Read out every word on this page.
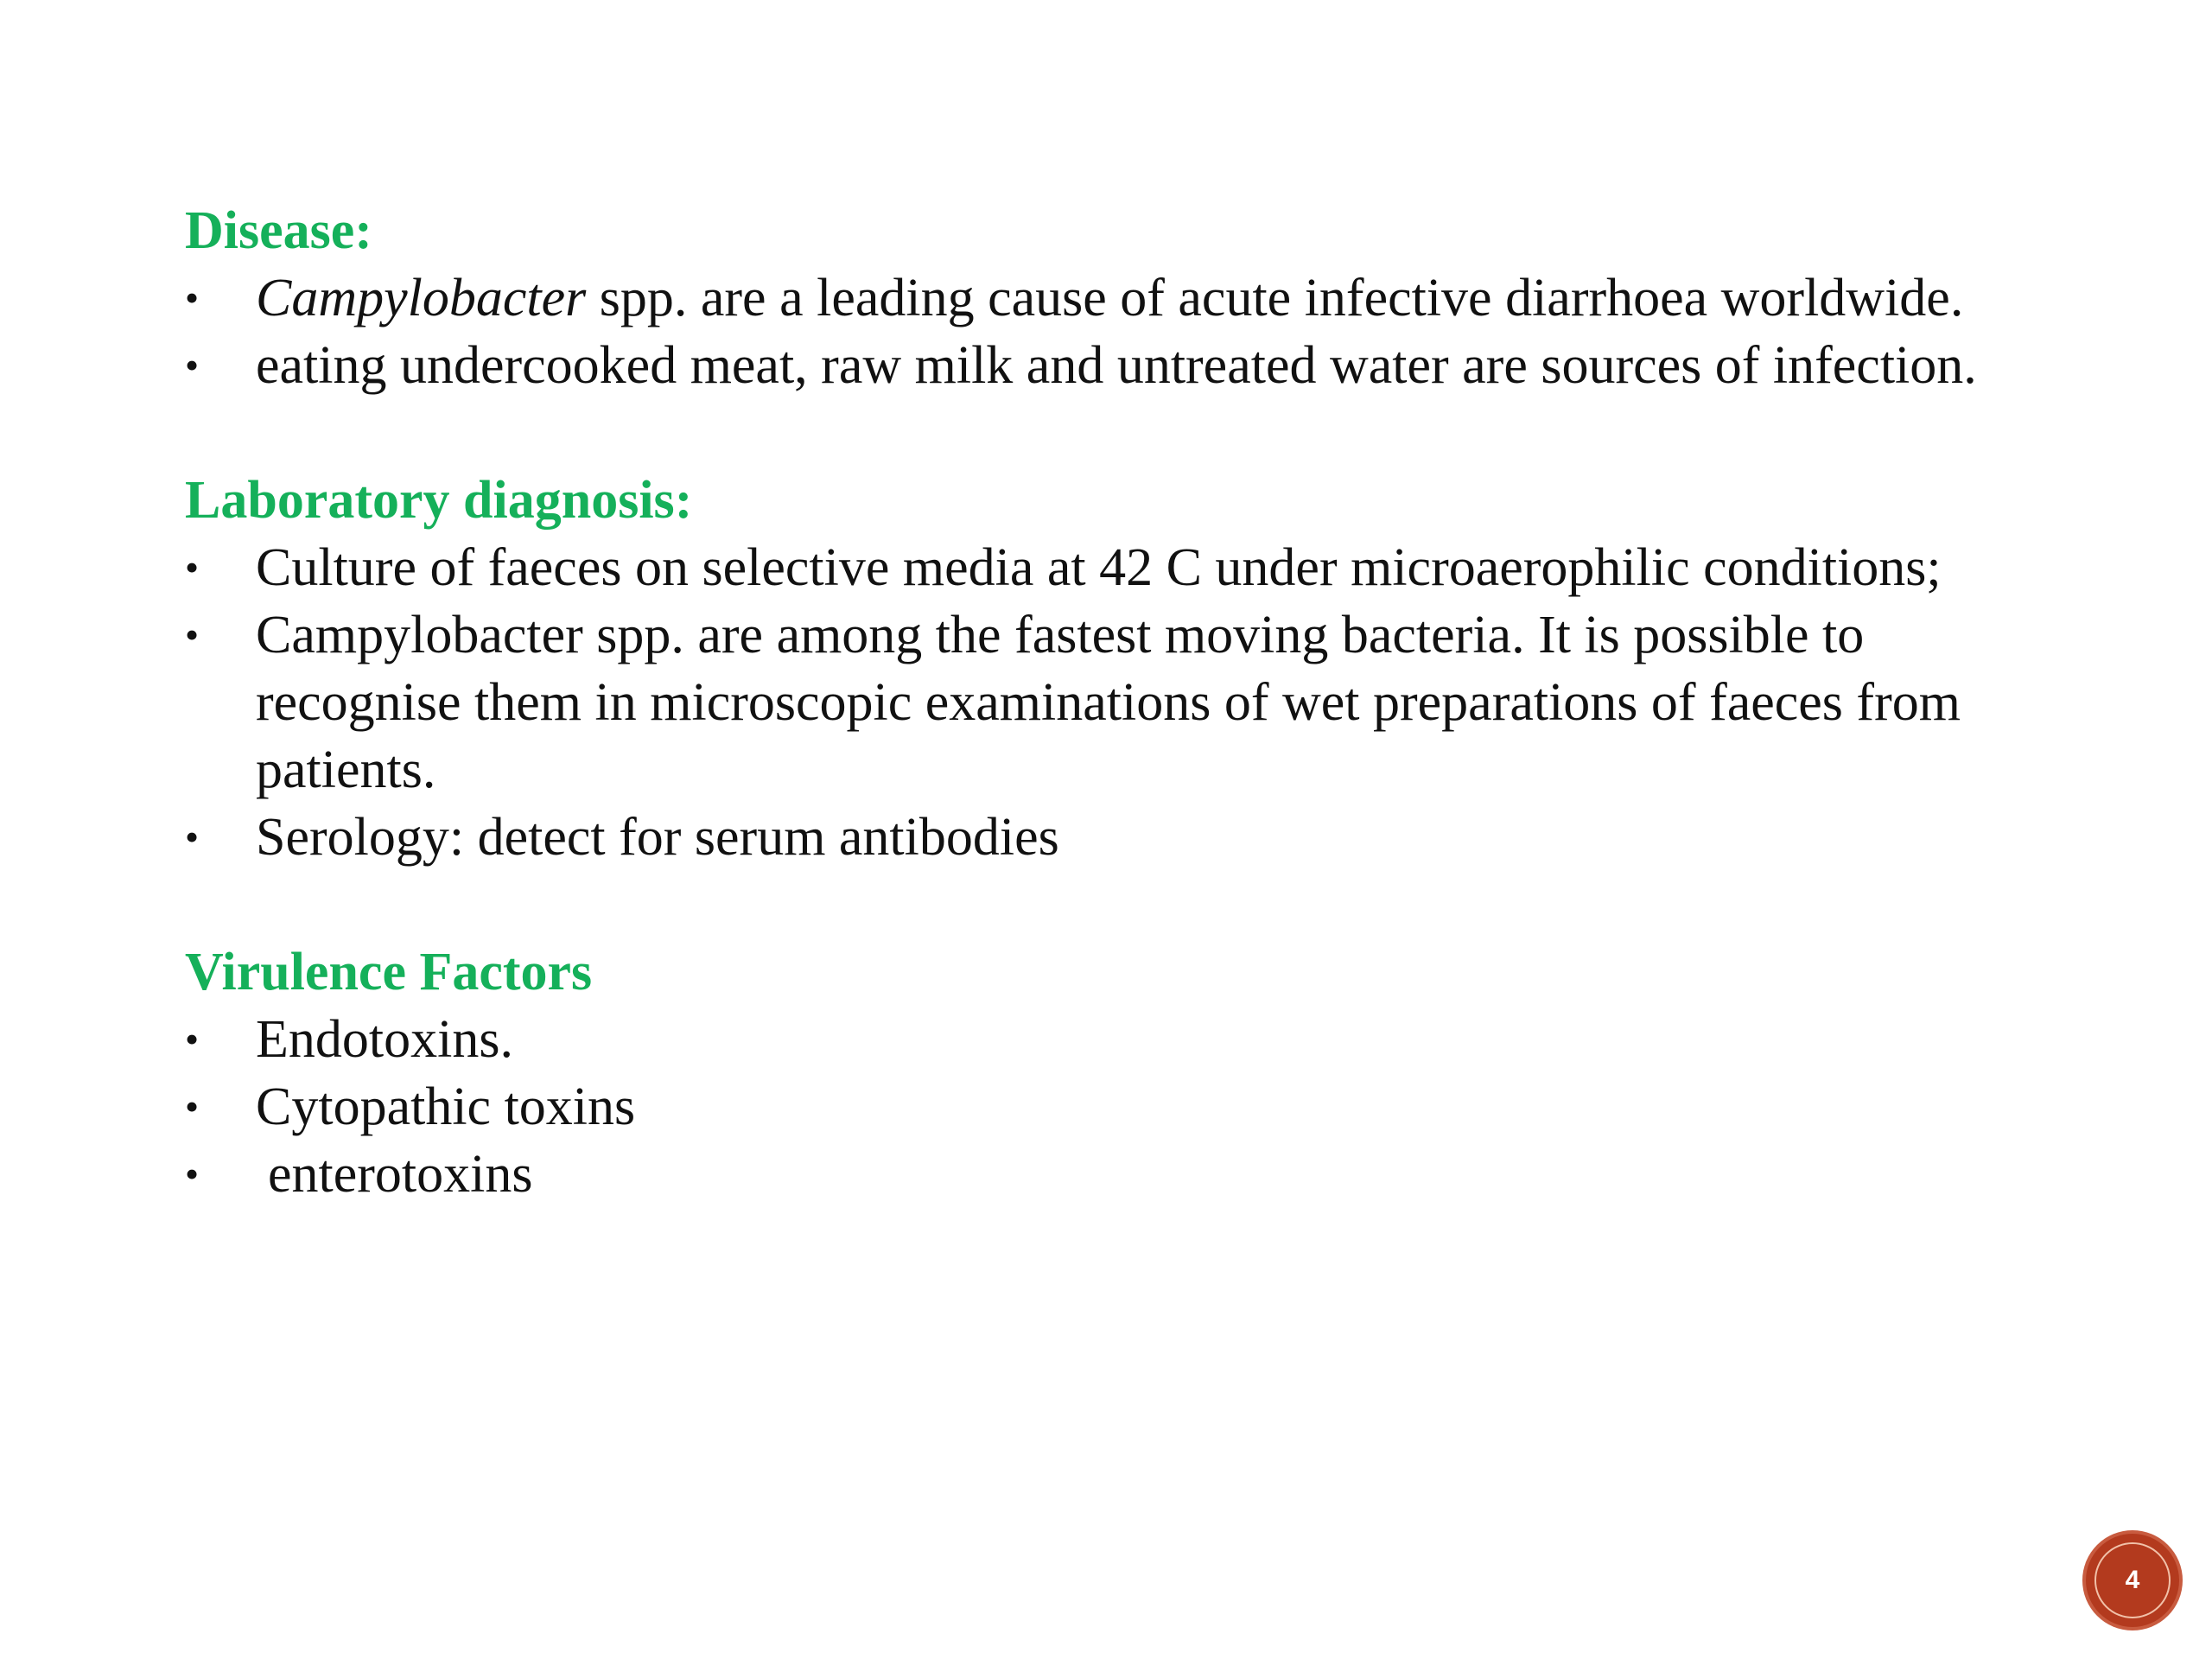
Disease:
•	Campylobacter spp. are a leading cause of acute infective diarrhoea worldwide.
•	eating undercooked meat, raw milk and untreated water are sources of infection.
Laboratory diagnosis:
•	Culture of faeces on selective media at 42 C under microaerophilic conditions;
•	Campylobacter spp. are among the fastest moving bacteria. It is possible to recognise them in microscopic examinations of wet preparations of faeces from patients.
•	Serology: detect for serum antibodies
Virulence Factors
•	Endotoxins.
•	Cytopathic toxins
•	enterotoxins
4
